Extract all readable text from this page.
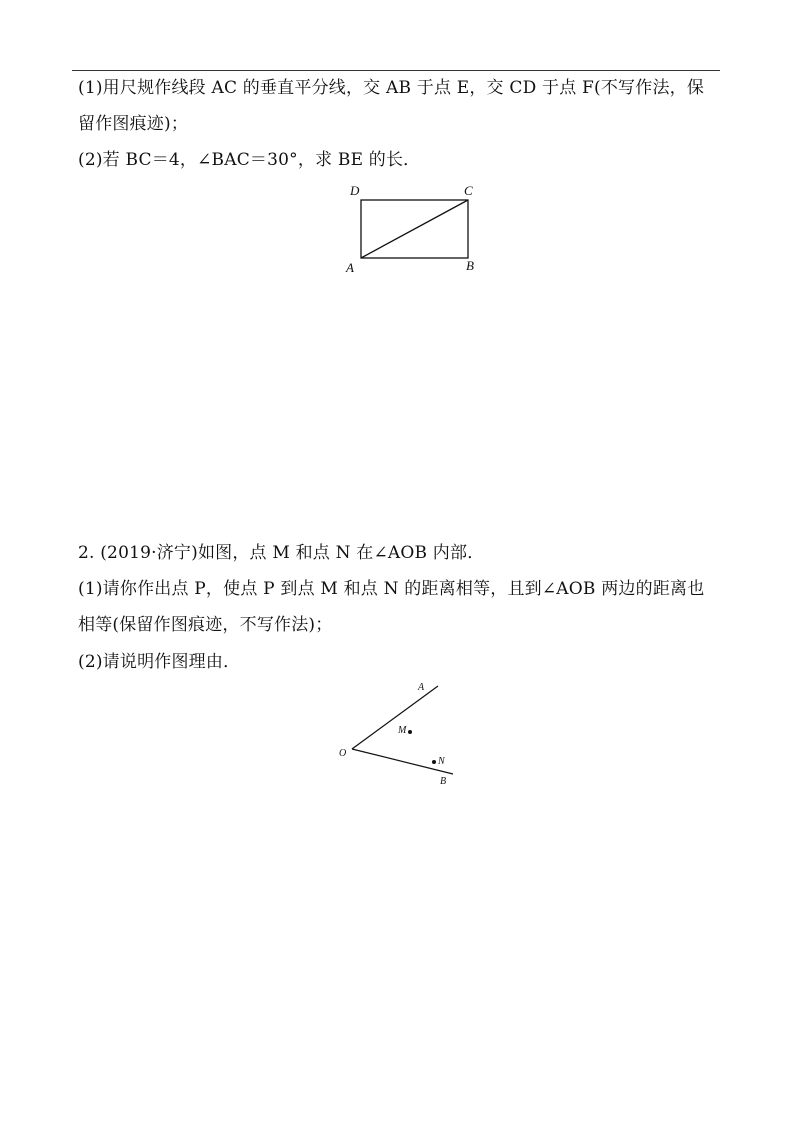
(1)用尺规作线段 AC 的垂直平分线，交 AB 于点 E，交 CD 于点 F(不写作法，保
留作图痕迹)；
(2)若 BC＝4，∠BAC＝30°，求 BE 的长．
D	C
A	B
2. (2019·济宁)如图，点 M 和点 N 在∠AOB 内部．
(1)请你作出点 P，使点 P 到点 M 和点 N 的距离相等，且到∠AOB 两边的距离也
相等(保留作图痕迹，不写作法)；
(2)请说明作图理由．
A
O
M
N
B
